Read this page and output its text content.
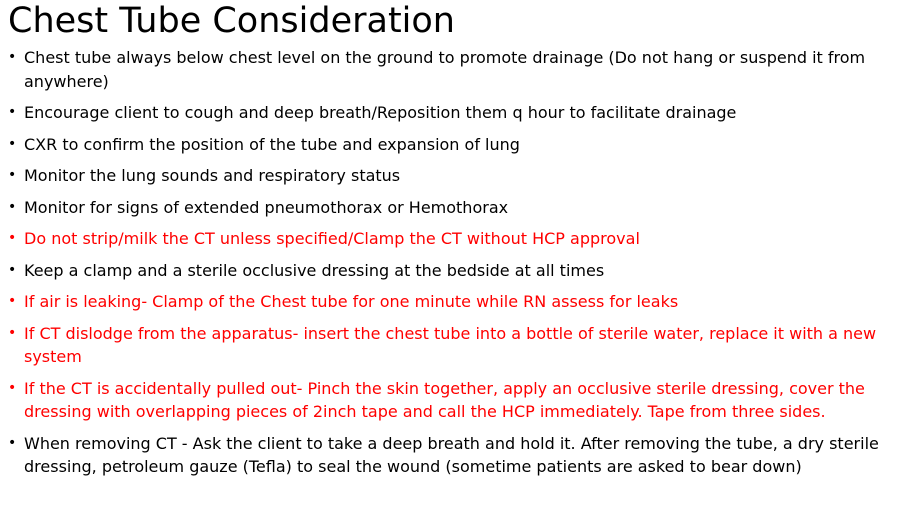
Chest Tube Consideration
• Chest tube always below chest level on the ground to promote drainage (Do not hang or suspend it from anywhere)
• Encourage client to cough and deep breath/Reposition them q hour to facilitate drainage
• CXR to confirm the position of the tube and expansion of lung
• Monitor the lung sounds and respiratory status
• Monitor for signs of extended pneumothorax or Hemothorax
• Do not strip/milk the CT unless specified/Clamp the CT without HCP approval
• Keep a clamp and a sterile occlusive dressing at the bedside at all times
• If air is leaking- Clamp of the Chest tube for one minute while RN assess for leaks
• If CT dislodge from the apparatus- insert the chest tube into a bottle of sterile water, replace it with a new system
• If the CT is accidentally pulled out- Pinch the skin together, apply an occlusive sterile dressing, cover the dressing with overlapping pieces of 2inch tape and call the HCP immediately. Tape from three sides.
• When removing CT - Ask the client to take a deep breath and hold it. After removing the tube, a dry sterile dressing, petroleum gauze (Tefla) to seal the wound (sometime patients are asked to bear down)
